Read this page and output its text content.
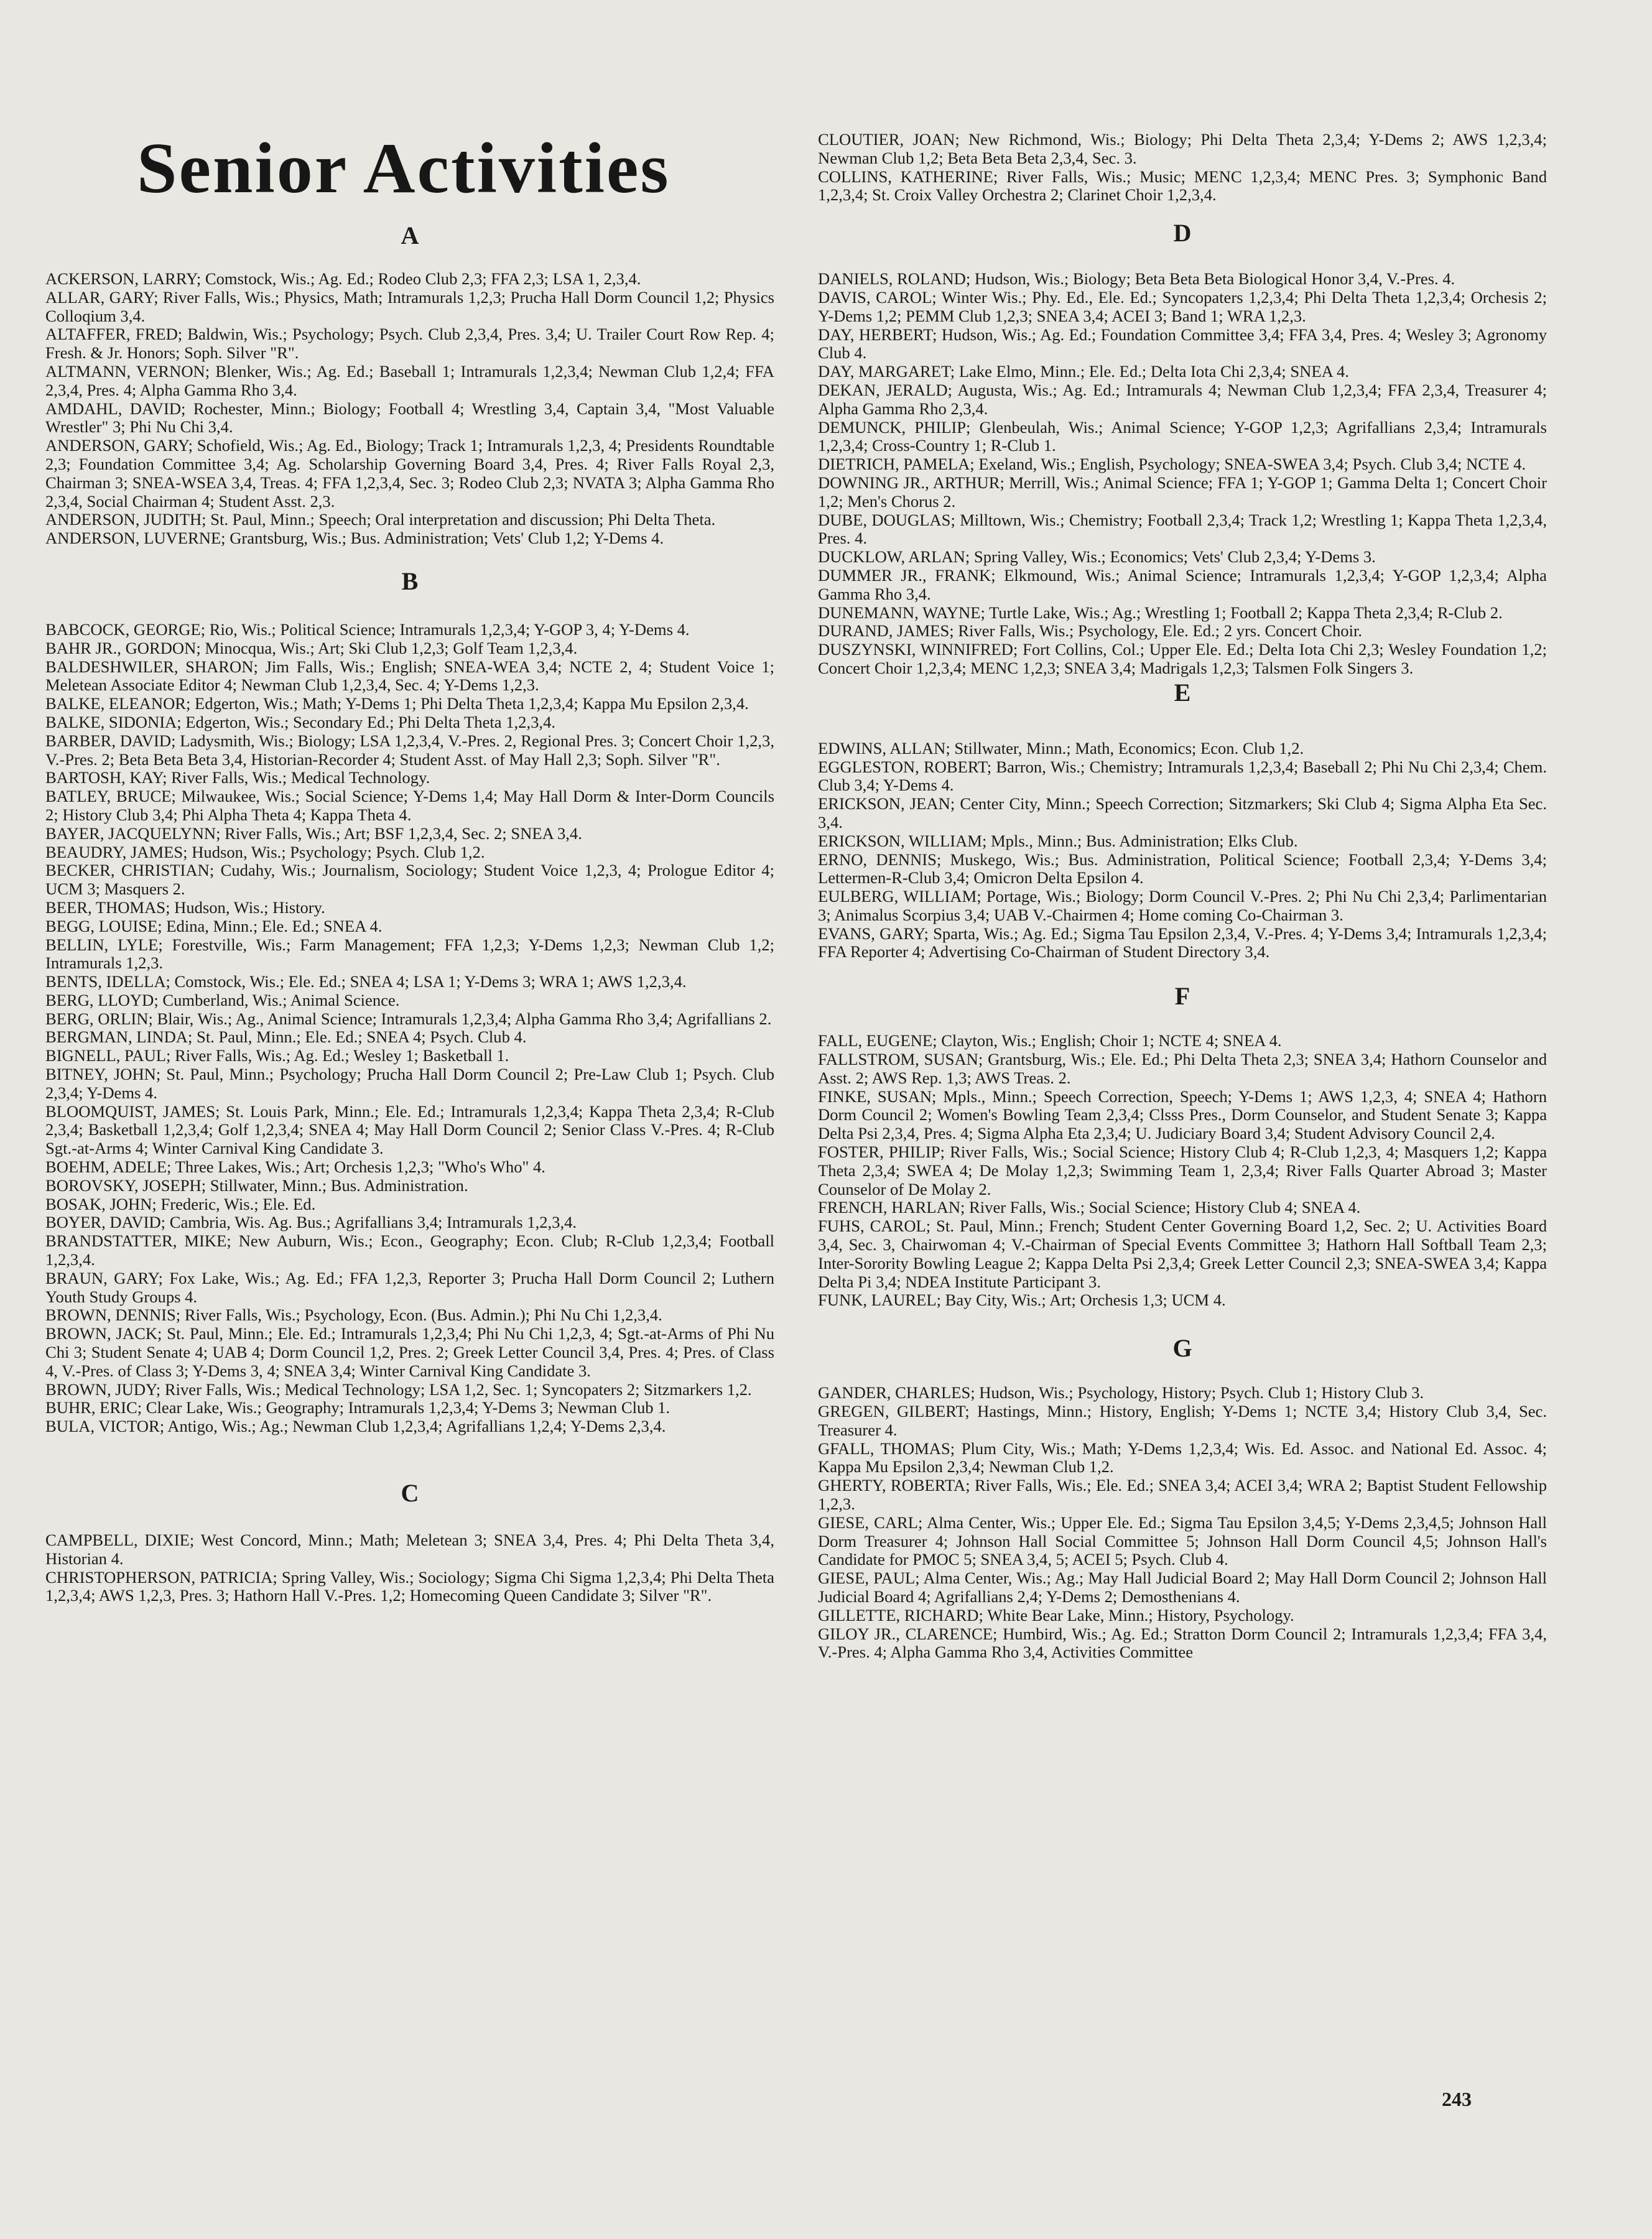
Senior Activities
A

ACKERSON, LARRY; Comstock, Wis.; Ag. Ed.; Rodeo Club 2,3; FFA 2,3; LSA 1, 2,3,4.

ALLAR, GARY; River Falls, Wis.; Physics, Math; Intramurals 1,2,3; Prucha Hall Dorm Council 1,2; Physics Colloqium 3,4.

ALTAFFER, FRED; Baldwin, Wis.; Psychology; Psych. Club 2,3,4, Pres. 3,4; U. Trailer Court Row Rep. 4; Fresh. & Jr. Honors; Soph. Silver "R".

ALTMANN, VERNON; Blenker, Wis.; Ag. Ed.; Baseball 1; Intramurals 1,2,3,4; Newman Club 1,2,4; FFA 2,3,4, Pres. 4; Alpha Gamma Rho 3,4.

AMDAHL, DAVID; Rochester, Minn.; Biology; Football 4; Wrestling 3,4, Captain 3,4, "Most Valuable Wrestler" 3; Phi Nu Chi 3,4.

ANDERSON, GARY; Schofield, Wis.; Ag. Ed., Biology; Track 1; Intramurals 1,2,3, 4; Presidents Roundtable 2,3; Foundation Committee 3,4; Ag. Scholarship Governing Board 3,4, Pres. 4; River Falls Royal 2,3, Chairman 3; SNEA-WSEA 3,4, Treas. 4; FFA 1,2,3,4, Sec. 3; Rodeo Club 2,3; NVATA 3; Alpha Gamma Rho 2,3,4, Social Chairman 4; Student Asst. 2,3.

ANDERSON, JUDITH; St. Paul, Minn.; Speech; Oral interpretation and discussion; Phi Delta Theta.

ANDERSON, LUVERNE; Grantsburg, Wis.; Bus. Administration; Vets' Club 1,2; Y-Dems 4.

B

BABCOCK, GEORGE; Rio, Wis.; Political Science; Intramurals 1,2,3,4; Y-GOP 3, 4; Y-Dems 4.

BAHR JR., GORDON; Minocqua, Wis.; Art; Ski Club 1,2,3; Golf Team 1,2,3,4.

BALDESHWILER, SHARON; Jim Falls, Wis.; English; SNEA-WEA 3,4; NCTE 2, 4; Student Voice 1; Meletean Associate Editor 4; Newman Club 1,2,3,4, Sec. 4; Y-Dems 1,2,3.

BALKE, ELEANOR; Edgerton, Wis.; Math; Y-Dems 1; Phi Delta Theta 1,2,3,4; Kappa Mu Epsilon 2,3,4.

BALKE, SIDONIA; Edgerton, Wis.; Secondary Ed.; Phi Delta Theta 1,2,3,4.

BARBER, DAVID; Ladysmith, Wis.; Biology; LSA 1,2,3,4, V.-Pres. 2, Regional Pres. 3; Concert Choir 1,2,3, V.-Pres. 2; Beta Beta Beta 3,4, Historian-Recorder 4; Student Asst. of May Hall 2,3; Soph. Silver "R".

BARTOSH, KAY; River Falls, Wis.; Medical Technology.

BATLEY, BRUCE; Milwaukee, Wis.; Social Science; Y-Dems 1,4; May Hall Dorm & Inter-Dorm Councils 2; History Club 3,4; Phi Alpha Theta 4; Kappa Theta 4.

BAYER, JACQUELYNN; River Falls, Wis.; Art; BSF 1,2,3,4, Sec. 2; SNEA 3,4.

BEAUDRY, JAMES; Hudson, Wis.; Psychology; Psych. Club 1,2.

BECKER, CHRISTIAN; Cudahy, Wis.; Journalism, Sociology; Student Voice 1,2,3, 4; Prologue Editor 4; UCM 3; Masquers 2.

BEER, THOMAS; Hudson, Wis.; History.

BEGG, LOUISE; Edina, Minn.; Ele. Ed.; SNEA 4.

BELLIN, LYLE; Forestville, Wis.; Farm Management; FFA 1,2,3; Y-Dems 1,2,3; Newman Club 1,2; Intramurals 1,2,3.

BENTS, IDELLA; Comstock, Wis.; Ele. Ed.; SNEA 4; LSA 1; Y-Dems 3; WRA 1; AWS 1,2,3,4.

BERG, LLOYD; Cumberland, Wis.; Animal Science.

BERG, ORLIN; Blair, Wis.; Ag., Animal Science; Intramurals 1,2,3,4; Alpha Gamma Rho 3,4; Agrifallians 2.

BERGMAN, LINDA; St. Paul, Minn.; Ele. Ed.; SNEA 4; Psych. Club 4.

BIGNELL, PAUL; River Falls, Wis.; Ag. Ed.; Wesley 1; Basketball 1.

BITNEY, JOHN; St. Paul, Minn.; Psychology; Prucha Hall Dorm Council 2; Pre-Law Club 1; Psych. Club 2,3,4; Y-Dems 4.

BLOOMQUIST, JAMES; St. Louis Park, Minn.; Ele. Ed.; Intramurals 1,2,3,4; Kappa Theta 2,3,4; R-Club 2,3,4; Basketball 1,2,3,4; Golf 1,2,3,4; SNEA 4; May Hall Dorm Council 2; Senior Class V.-Pres. 4; R-Club Sgt.-at-Arms 4; Winter Carnival King Candidate 3.

BOEHM, ADELE; Three Lakes, Wis.; Art; Orchesis 1,2,3; "Who's Who" 4.

BOROVSKY, JOSEPH; Stillwater, Minn.; Bus. Administration.

BOSAK, JOHN; Frederic, Wis.; Ele. Ed.

BOYER, DAVID; Cambria, Wis. Ag. Bus.; Agrifallians 3,4; Intramurals 1,2,3,4.

BRANDSTATTER, MIKE; New Auburn, Wis.; Econ., Geography; Econ. Club; R-Club 1,2,3,4; Football 1,2,3,4.

BRAUN, GARY; Fox Lake, Wis.; Ag. Ed.; FFA 1,2,3, Reporter 3; Prucha Hall Dorm Council 2; Luthern Youth Study Groups 4.

BROWN, DENNIS; River Falls, Wis.; Psychology, Econ. (Bus. Admin.); Phi Nu Chi 1,2,3,4.

BROWN, JACK; St. Paul, Minn.; Ele. Ed.; Intramurals 1,2,3,4; Phi Nu Chi 1,2,3, 4; Sgt.-at-Arms of Phi Nu Chi 3; Student Senate 4; UAB 4; Dorm Council 1,2, Pres. 2; Greek Letter Council 3,4, Pres. 4; Pres. of Class 4, V.-Pres. of Class 3; Y-Dems 3, 4; SNEA 3,4; Winter Carnival King Candidate 3.

BROWN, JUDY; River Falls, Wis.; Medical Technology; LSA 1,2, Sec. 1; Syncopaters 2; Sitzmarkers 1,2.

BUHR, ERIC; Clear Lake, Wis.; Geography; Intramurals 1,2,3,4; Y-Dems 3; Newman Club 1.

BULA, VICTOR; Antigo, Wis.; Ag.; Newman Club 1,2,3,4; Agrifallians 1,2,4; Y-Dems 2,3,4.

C

CAMPBELL, DIXIE; West Concord, Minn.; Math; Meletean 3; SNEA 3,4, Pres. 4; Phi Delta Theta 3,4, Historian 4.

CHRISTOPHERSON, PATRICIA; Spring Valley, Wis.; Sociology; Sigma Chi Sigma 1,2,3,4; Phi Delta Theta 1,2,3,4; AWS 1,2,3, Pres. 3; Hathorn Hall V.-Pres. 1,2; Homecoming Queen Candidate 3; Silver "R".

CLOUTIER, JOAN; New Richmond, Wis.; Biology; Phi Delta Theta 2,3,4; Y-Dems 2; AWS 1,2,3,4; Newman Club 1,2; Beta Beta Beta 2,3,4, Sec. 3.

COLLINS, KATHERINE; River Falls, Wis.; Music; MENC 1,2,3,4; MENC Pres. 3; Symphonic Band 1,2,3,4; St. Croix Valley Orchestra 2; Clarinet Choir 1,2,3,4.

D

DANIELS, ROLAND; Hudson, Wis.; Biology; Beta Beta Beta Biological Honor 3,4, V.-Pres. 4.

DAVIS, CAROL; Winter Wis.; Phy. Ed., Ele. Ed.; Syncopaters 1,2,3,4; Phi Delta Theta 1,2,3,4; Orchesis 2; Y-Dems 1,2; PEMM Club 1,2,3; SNEA 3,4; ACEI 3; Band 1; WRA 1,2,3.

DAY, HERBERT; Hudson, Wis.; Ag. Ed.; Foundation Committee 3,4; FFA 3,4, Pres. 4; Wesley 3; Agronomy Club 4.

DAY, MARGARET; Lake Elmo, Minn.; Ele. Ed.; Delta Iota Chi 2,3,4; SNEA 4.

DEKAN, JERALD; Augusta, Wis.; Ag. Ed.; Intramurals 4; Newman Club 1,2,3,4; FFA 2,3,4, Treasurer 4; Alpha Gamma Rho 2,3,4.

DEMUNCK, PHILIP; Glenbeulah, Wis.; Animal Science; Y-GOP 1,2,3; Agrifallians 2,3,4; Intramurals 1,2,3,4; Cross-Country 1; R-Club 1.

DIETRICH, PAMELA; Exeland, Wis.; English, Psychology; SNEA-SWEA 3,4; Psych. Club 3,4; NCTE 4.

DOWNING JR., ARTHUR; Merrill, Wis.; Animal Science; FFA 1; Y-GOP 1; Gamma Delta 1; Concert Choir 1,2; Men's Chorus 2.

DUBE, DOUGLAS; Milltown, Wis.; Chemistry; Football 2,3,4; Track 1,2; Wrestling 1; Kappa Theta 1,2,3,4, Pres. 4.

DUCKLOW, ARLAN; Spring Valley, Wis.; Economics; Vets' Club 2,3,4; Y-Dems 3.

DUMMER JR., FRANK; Elkmound, Wis.; Animal Science; Intramurals 1,2,3,4; Y-GOP 1,2,3,4; Alpha Gamma Rho 3,4.

DUNEMANN, WAYNE; Turtle Lake, Wis.; Ag.; Wrestling 1; Football 2; Kappa Theta 2,3,4; R-Club 2.

DURAND, JAMES; River Falls, Wis.; Psychology, Ele. Ed.; 2 yrs. Concert Choir.

DUSZYNSKI, WINNIFRED; Fort Collins, Col.; Upper Ele. Ed.; Delta Iota Chi 2,3; Wesley Foundation 1,2; Concert Choir 1,2,3,4; MENC 1,2,3; SNEA 3,4; Madrigals 1,2,3; Talsmen Folk Singers 3.

E

EDWINS, ALLAN; Stillwater, Minn.; Math, Economics; Econ. Club 1,2.

EGGLESTON, ROBERT; Barron, Wis.; Chemistry; Intramurals 1,2,3,4; Baseball 2; Phi Nu Chi 2,3,4; Chem. Club 3,4; Y-Dems 4.

ERICKSON, JEAN; Center City, Minn.; Speech Correction; Sitzmarkers; Ski Club 4; Sigma Alpha Eta Sec. 3,4.

ERICKSON, WILLIAM; Mpls., Minn.; Bus. Administration; Elks Club.

ERNO, DENNIS; Muskego, Wis.; Bus. Administration, Political Science; Football 2,3,4; Y-Dems 3,4; Lettermen-R-Club 3,4; Omicron Delta Epsilon 4.

EULBERG, WILLIAM; Portage, Wis.; Biology; Dorm Council V.-Pres. 2; Phi Nu Chi 2,3,4; Parlimentarian 3; Animalus Scorpius 3,4; UAB V.-Chairmen 4; Home coming Co-Chairman 3.

EVANS, GARY; Sparta, Wis.; Ag. Ed.; Sigma Tau Epsilon 2,3,4, V.-Pres. 4; Y-Dems 3,4; Intramurals 1,2,3,4; FFA Reporter 4; Advertising Co-Chairman of Student Directory 3,4.

F

FALL, EUGENE; Clayton, Wis.; English; Choir 1; NCTE 4; SNEA 4.

FALLSTROM, SUSAN; Grantsburg, Wis.; Ele. Ed.; Phi Delta Theta 2,3; SNEA 3,4; Hathorn Counselor and Asst. 2; AWS Rep. 1,3; AWS Treas. 2.

FINKE, SUSAN; Mpls., Minn.; Speech Correction, Speech; Y-Dems 1; AWS 1,2,3, 4; SNEA 4; Hathorn Dorm Council 2; Women's Bowling Team 2,3,4; Clsss Pres., Dorm Counselor, and Student Senate 3; Kappa Delta Psi 2,3,4, Pres. 4; Sigma Alpha Eta 2,3,4; U. Judiciary Board 3,4; Student Advisory Council 2,4.

FOSTER, PHILIP; River Falls, Wis.; Social Science; History Club 4; R-Club 1,2,3, 4; Masquers 1,2; Kappa Theta 2,3,4; SWEA 4; De Molay 1,2,3; Swimming Team 1, 2,3,4; River Falls Quarter Abroad 3; Master Counselor of De Molay 2.

FRENCH, HARLAN; River Falls, Wis.; Social Science; History Club 4; SNEA 4.

FUHS, CAROL; St. Paul, Minn.; French; Student Center Governing Board 1,2, Sec. 2; U. Activities Board 3,4, Sec. 3, Chairwoman 4; V.-Chairman of Special Events Committee 3; Hathorn Hall Softball Team 2,3; Inter-Sorority Bowling League 2; Kappa Delta Psi 2,3,4; Greek Letter Council 2,3; SNEA-SWEA 3,4; Kappa Delta Pi 3,4; NDEA Institute Participant 3.

FUNK, LAUREL; Bay City, Wis.; Art; Orchesis 1,3; UCM 4.

G

GANDER, CHARLES; Hudson, Wis.; Psychology, History; Psych. Club 1; History Club 3.

GREGEN, GILBERT; Hastings, Minn.; History, English; Y-Dems 1; NCTE 3,4; History Club 3,4, Sec. Treasurer 4.

GFALL, THOMAS; Plum City, Wis.; Math; Y-Dems 1,2,3,4; Wis. Ed. Assoc. and National Ed. Assoc. 4; Kappa Mu Epsilon 2,3,4; Newman Club 1,2.

GHERTY, ROBERTA; River Falls, Wis.; Ele. Ed.; SNEA 3,4; ACEI 3,4; WRA 2; Baptist Student Fellowship 1,2,3.

GIESE, CARL; Alma Center, Wis.; Upper Ele. Ed.; Sigma Tau Epsilon 3,4,5; Y-Dems 2,3,4,5; Johnson Hall Dorm Treasurer 4; Johnson Hall Social Committee 5; Johnson Hall Dorm Council 4,5; Johnson Hall's Candidate for PMOC 5; SNEA 3,4, 5; ACEI 5; Psych. Club 4.

GIESE, PAUL; Alma Center, Wis.; Ag.; May Hall Judicial Board 2; May Hall Dorm Council 2; Johnson Hall Judicial Board 4; Agrifallians 2,4; Y-Dems 2; Demosthenians 4.

GILLETTE, RICHARD; White Bear Lake, Minn.; History, Psychology.

GILOY JR., CLARENCE; Humbird, Wis.; Ag. Ed.; Stratton Dorm Council 2; Intramurals 1,2,3,4; FFA 3,4, V.-Pres. 4; Alpha Gamma Rho 3,4, Activities Committee

243
